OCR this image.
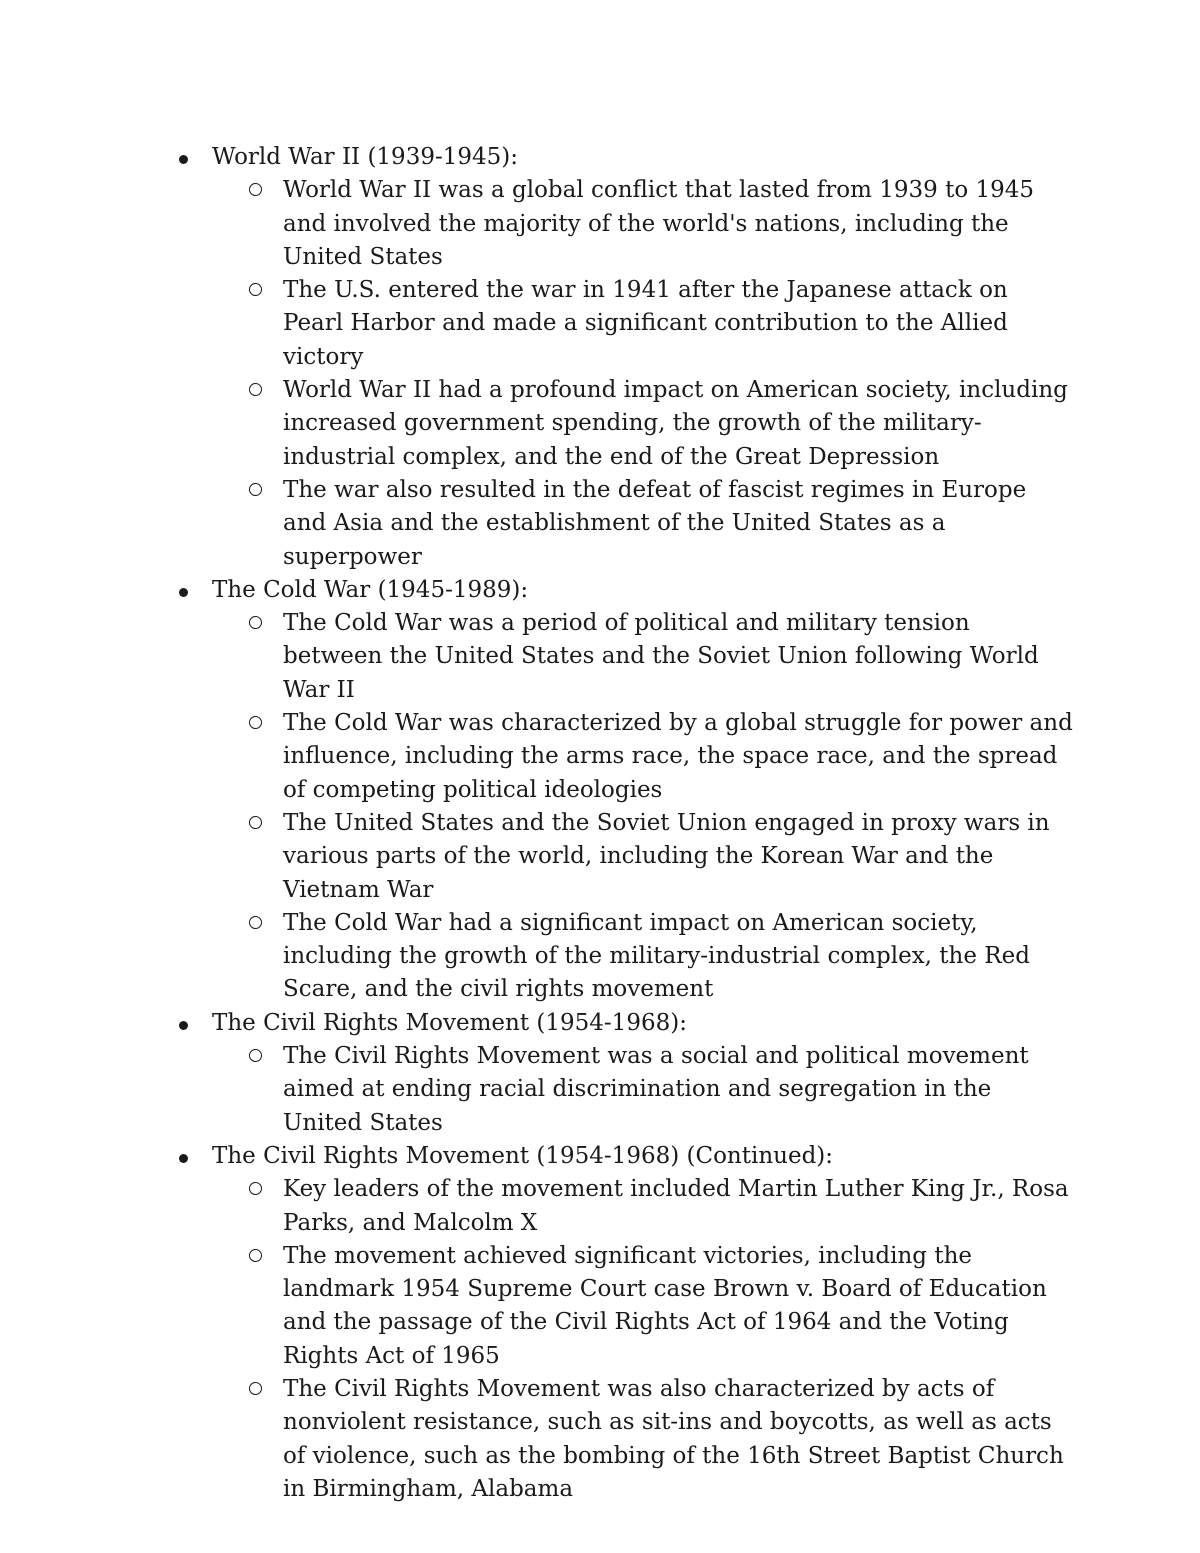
World War II (1939-1945):
World War II was a global conflict that lasted from 1939 to 1945 and involved the majority of the world's nations, including the United States
The U.S. entered the war in 1941 after the Japanese attack on Pearl Harbor and made a significant contribution to the Allied victory
World War II had a profound impact on American society, including increased government spending, the growth of the military-industrial complex, and the end of the Great Depression
The war also resulted in the defeat of fascist regimes in Europe and Asia and the establishment of the United States as a superpower
The Cold War (1945-1989):
The Cold War was a period of political and military tension between the United States and the Soviet Union following World War II
The Cold War was characterized by a global struggle for power and influence, including the arms race, the space race, and the spread of competing political ideologies
The United States and the Soviet Union engaged in proxy wars in various parts of the world, including the Korean War and the Vietnam War
The Cold War had a significant impact on American society, including the growth of the military-industrial complex, the Red Scare, and the civil rights movement
The Civil Rights Movement (1954-1968):
The Civil Rights Movement was a social and political movement aimed at ending racial discrimination and segregation in the United States
The Civil Rights Movement (1954-1968) (Continued):
Key leaders of the movement included Martin Luther King Jr., Rosa Parks, and Malcolm X
The movement achieved significant victories, including the landmark 1954 Supreme Court case Brown v. Board of Education and the passage of the Civil Rights Act of 1964 and the Voting Rights Act of 1965
The Civil Rights Movement was also characterized by acts of nonviolent resistance, such as sit-ins and boycotts, as well as acts of violence, such as the bombing of the 16th Street Baptist Church in Birmingham, Alabama
